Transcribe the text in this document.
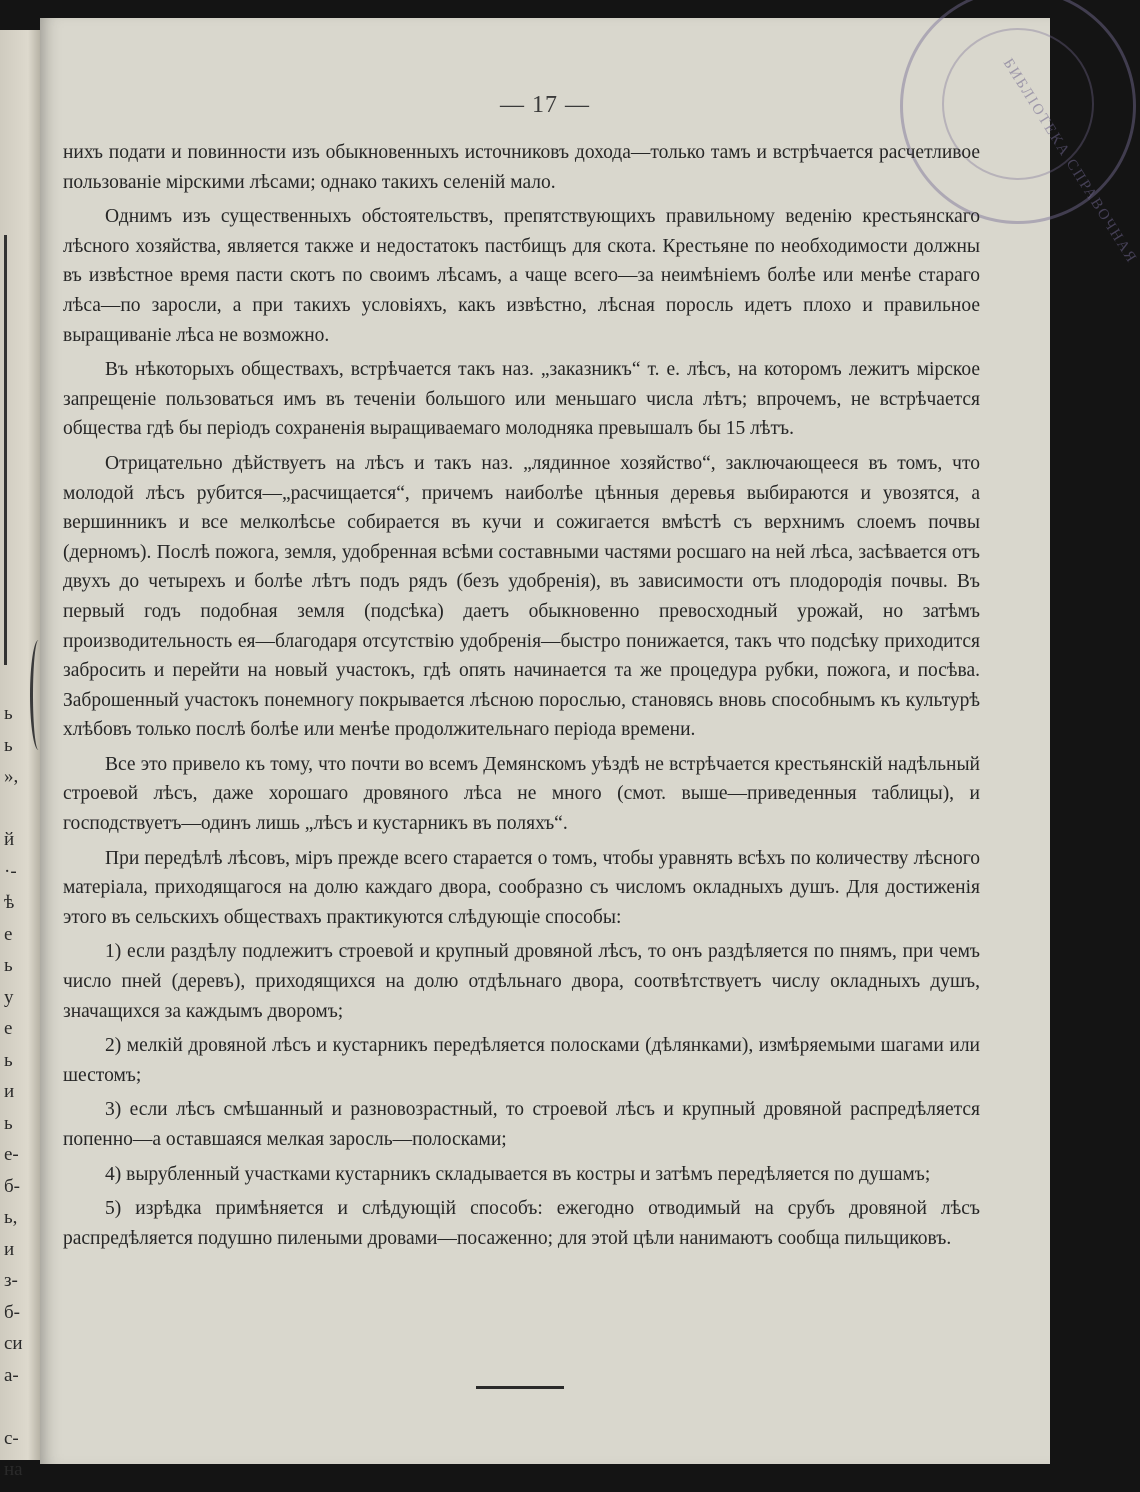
ь
ь
»,
й
·-
ѣ
е
ь
у
е
ь
и
ь
е-
б-
ь,
и
з-
б-
си
а-
с-
на
БИБЛІОТЕКА СПРАВОЧНАЯ
— 17 —

нихъ подати и повинности изъ обыкновенныхъ источниковъ дохода—только тамъ и встрѣчается расчетливое пользованіе мірскими лѣсами; однако такихъ селеній мало.

Однимъ изъ существенныхъ обстоятельствъ, препятствующихъ правильному веденію крестьянскаго лѣсного хозяйства, является также и недостатокъ пастбищъ для скота. Крестьяне по необходимости должны въ извѣстное время пасти скотъ по своимъ лѣсамъ, а чаще всего—за неимѣніемъ болѣе или менѣе стараго лѣса—по заросли, а при такихъ условіяхъ, какъ извѣстно, лѣсная поросль идетъ плохо и правильное выращиваніе лѣса не возможно.

Въ нѣкоторыхъ обществахъ, встрѣчается такъ наз. „заказникъ“ т. е. лѣсъ, на которомъ лежитъ мірское запрещеніе пользоваться имъ въ теченіи большого или меньшаго числа лѣтъ; впрочемъ, не встрѣчается общества гдѣ бы періодъ сохраненія выращиваемаго молодняка превышалъ бы 15 лѣтъ.

Отрицательно дѣйствуетъ на лѣсъ и такъ наз. „лядинное хозяйство“, заключающееся въ томъ, что молодой лѣсъ рубится—„расчищается“, причемъ наиболѣе цѣнныя деревья выбираются и увозятся, а вершинникъ и все мелколѣсье собирается въ кучи и сожигается вмѣстѣ съ верхнимъ слоемъ почвы (дерномъ). Послѣ пожога, земля, удобренная всѣми составными частями росшаго на ней лѣса, засѣвается отъ двухъ до четырехъ и болѣе лѣтъ подъ рядъ (безъ удобренія), въ зависимости отъ плодородія почвы. Въ первый годъ подобная земля (подсѣка) даетъ обыкновенно превосходный урожай, но затѣмъ производительность ея—благодаря отсутствію удобренія—быстро понижается, такъ что подсѣку приходится забросить и перейти на новый участокъ, гдѣ опять начинается та же процедура рубки, пожога, и посѣва. Заброшенный участокъ понемногу покрывается лѣсною порослью, становясь вновь способнымъ къ культурѣ хлѣбовъ только послѣ болѣе или менѣе продолжительнаго періода времени.

Все это привело къ тому, что почти во всемъ Демянскомъ уѣздѣ не встрѣчается крестьянскій надѣльный строевой лѣсъ, даже хорошаго дровяного лѣса не много (смот. выше—приведенныя таблицы), и господствуетъ—одинъ лишь „лѣсъ и кустарникъ въ поляхъ“.

При передѣлѣ лѣсовъ, міръ прежде всего старается о томъ, чтобы уравнять всѣхъ по количеству лѣсного матеріала, приходящагося на долю каждаго двора, сообразно съ числомъ окладныхъ душъ. Для достиженія этого въ сельскихъ обществахъ практикуются слѣдующіе способы:

1) если раздѣлу подлежитъ строевой и крупный дровяной лѣсъ, то онъ раздѣляется по пнямъ, при чемъ число пней (деревъ), приходящихся на долю отдѣльнаго двора, соотвѣтствуетъ числу окладныхъ душъ, значащихся за каждымъ дворомъ;

2) мелкій дровяной лѣсъ и кустарникъ передѣляется полосками (дѣлянками), измѣряемыми шагами или шестомъ;

3) если лѣсъ смѣшанный и разновозрастный, то строевой лѣсъ и крупный дровяной распредѣляется попенно—а оставшаяся мелкая заросль—полосками;

4) вырубленный участками кустарникъ складывается въ костры и затѣмъ передѣляется по душамъ;

5) изрѣдка примѣняется и слѣдующій способъ: ежегодно отводимый на срубъ дровяной лѣсъ распредѣляется подушно пилеными дровами—посаженно; для этой цѣли нанимаютъ сообща пильщиковъ.
